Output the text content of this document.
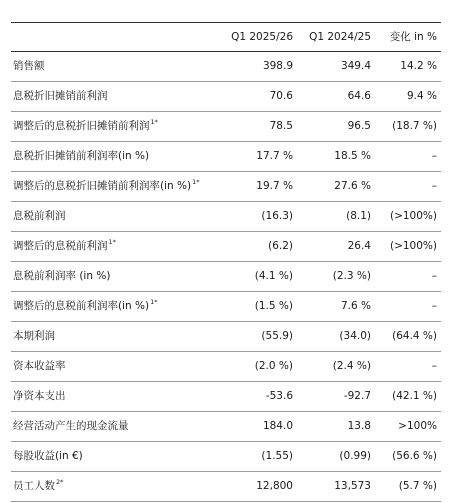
Q1 2025/26 Q1 2024/25 变化 in %
销售额	398.9	349.4	14.2 %
息税折旧摊销前利润	70.6	64.6	9.4 %
调整后的息税折旧摊销前利润$^{1*}$	78.5	96.5 (18.7 %)
息税折旧摊销前利润率(in %)	17.7 %	18.5 %	–
调整后的息税折旧摊销前利润率(in %)$^{1*}$	19.7 %	27.6 %	–
息税前利润	(16.3)	(8.1) (>100%)
调整后的息税前利润$^{1*}$	(6.2)	26.4 (>100%)
息税前利润率 (in %)	(4.1 %)	(2.3 %)	–
调整后的息税前利润率(in %)$^{1*}$	(1.5 %)	7.6 %	–
本期利润	(55.9)	(34.0) (64.4 %)
资本收益率	(2.0 %)	(2.4 %)	–
净资本支出	-53.6	-92.7 (42.1 %)
经营活动产生的现金流量	184.0	13.8	>100%
每股收益(in €)	(1.55)	(0.99) (56.6 %)
员工人数$^{2*}$	12,800	13,573	(5.7 %)
